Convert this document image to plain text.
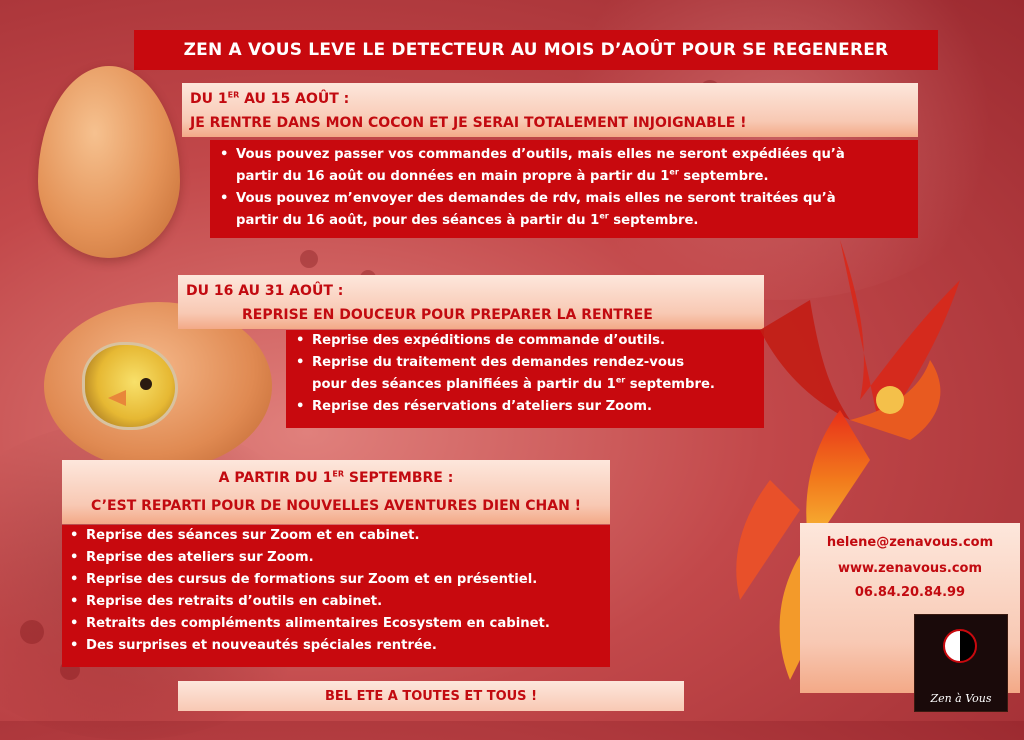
ZEN A VOUS LEVE LE DETECTEUR AU MOIS D’AOÛT POUR SE REGENERER
DU 1ER AU 15 AOÛT :
JE RENTRE DANS MON COCON ET JE SERAI TOTALEMENT INJOIGNABLE !
• Vous pouvez passer vos commandes d’outils, mais elles ne seront expédiées qu’à
partir du 16 août ou données en main propre à partir du 1er septembre.
• Vous pouvez m’envoyer des demandes de rdv, mais elles ne seront traitées qu’à
partir du 16 août, pour des séances à partir du 1er septembre.
DU 16 AU 31 AOÛT :
REPRISE EN DOUCEUR POUR PREPARER LA RENTREE
• Reprise des expéditions de commande d’outils.
• Reprise du traitement des demandes rendez-vous
pour des séances planifiées à partir du 1er septembre.
• Reprise des réservations d’ateliers sur Zoom.
A PARTIR DU 1ER SEPTEMBRE :
C’EST REPARTI POUR DE NOUVELLES AVENTURES DIEN CHAN !
• Reprise des séances sur Zoom et en cabinet.
• Reprise des ateliers sur Zoom.
• Reprise des cursus de formations sur Zoom et en présentiel.
• Reprise des retraits d’outils en cabinet.
• Retraits des compléments alimentaires Ecosystem en cabinet.
• Des surprises et nouveautés spéciales rentrée.
helene@zenavous.com
www.zenavous.com
06.84.20.84.99
Zen à Vous
BEL ETE A TOUTES ET TOUS !
